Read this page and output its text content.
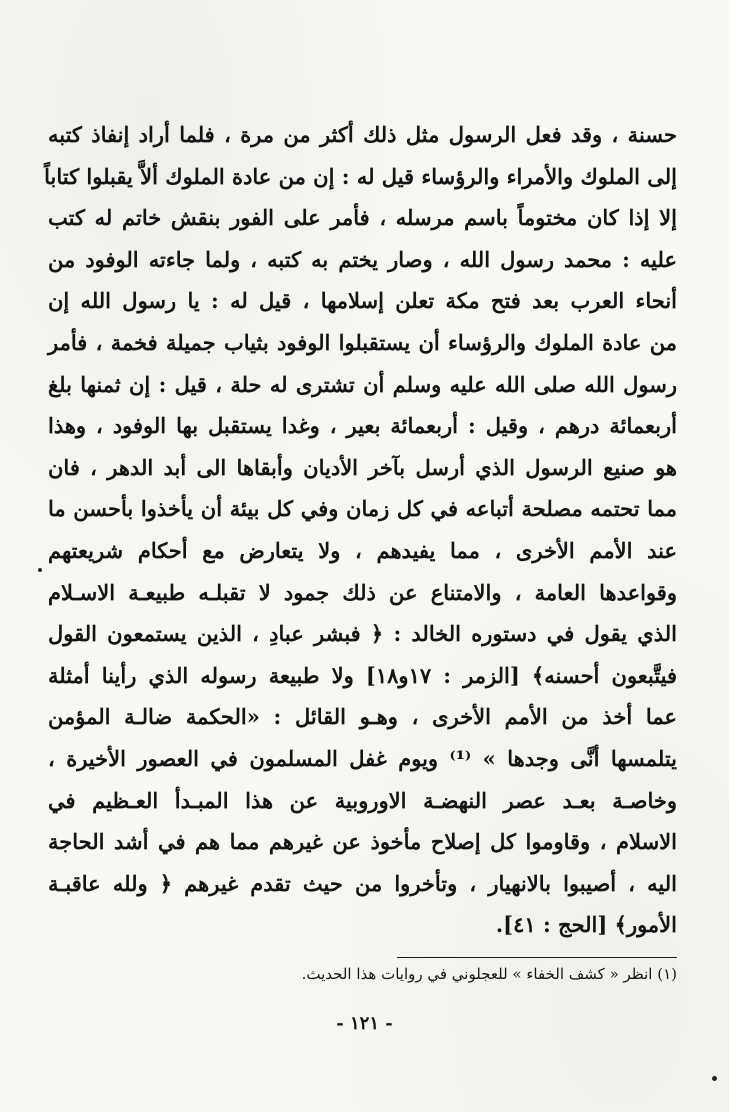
حسنة ، وقد فعل الرسول مثل ذلك أكثر من مرة ، فلما أراد إنفاذ كتبه
إلى الملوك والأمراء والرؤساء قيل له : إن من عادة الملوك ألاَّ يقبلوا كتاباً
إلا إذا كان مختوماً باسم مرسله ، فأمر على الفور بنقش خاتم له كتب
عليه : محمد رسول الله ، وصار يختم به كتبه ، ولما جاءته الوفود من
أنحاء العرب بعد فتح مكة تعلن إسلامها ، قيل له : يا رسول الله إن
من عادة الملوك والرؤساء أن يستقبلوا الوفود بثياب جميلة فخمة ، فأمر
رسول الله صلى الله عليه وسلم أن تشترى له حلة ، قيل : إن ثمنها بلغ
أربعمائة درهم ، وقيل : أربعمائة بعير ، وغدا يستقبل بها الوفود ، وهذا
هو صنيع الرسول الذي أرسل بآخر الأديان وأبقاها الى أبد الدهر ، فان
مما تحتمه مصلحة أتباعه في كل زمان وفي كل بيئة أن يأخذوا بأحسن ما
عند الأمم الأخرى ، مما يفيدهم ، ولا يتعارض مع أحكام شريعتهم
وقواعدها العامة ، والامتناع عن ذلك جمود لا تقبلـه طبيعـة الاسـلام
الذي يقول في دستوره الخالد : ﴿ فبشر عبادِ ، الذين يستمعون القول
فيتَّبعون أحسنه﴾ [الزمر : ١٧و١٨] ولا طبيعة رسوله الذي رأينا أمثلة
عما أخذ من الأمم الأخرى ، وهـو القائل : «الحكمة ضالـة المؤمن
يتلمسها أنَّى وجدها » ⁽¹⁾ ويوم غفل المسلمون في العصور الأخيرة ،
وخاصـة بعـد عصر النهضـة الاوروبية عن هذا المبـدأ العـظيم في
الاسلام ، وقاوموا كل إصلاح مأخوذ عن غيرهم مما هم في أشد الحاجة
اليه ، أصيبوا بالانهيار ، وتأخروا من حيث تقدم غيرهم ﴿ ولله عاقبـة
الأمور﴾ [الحج : ٤١].
(١) انظر « كشف الخفاء » للعجلوني في روايات هذا الحديث.
- ١٢١ -
